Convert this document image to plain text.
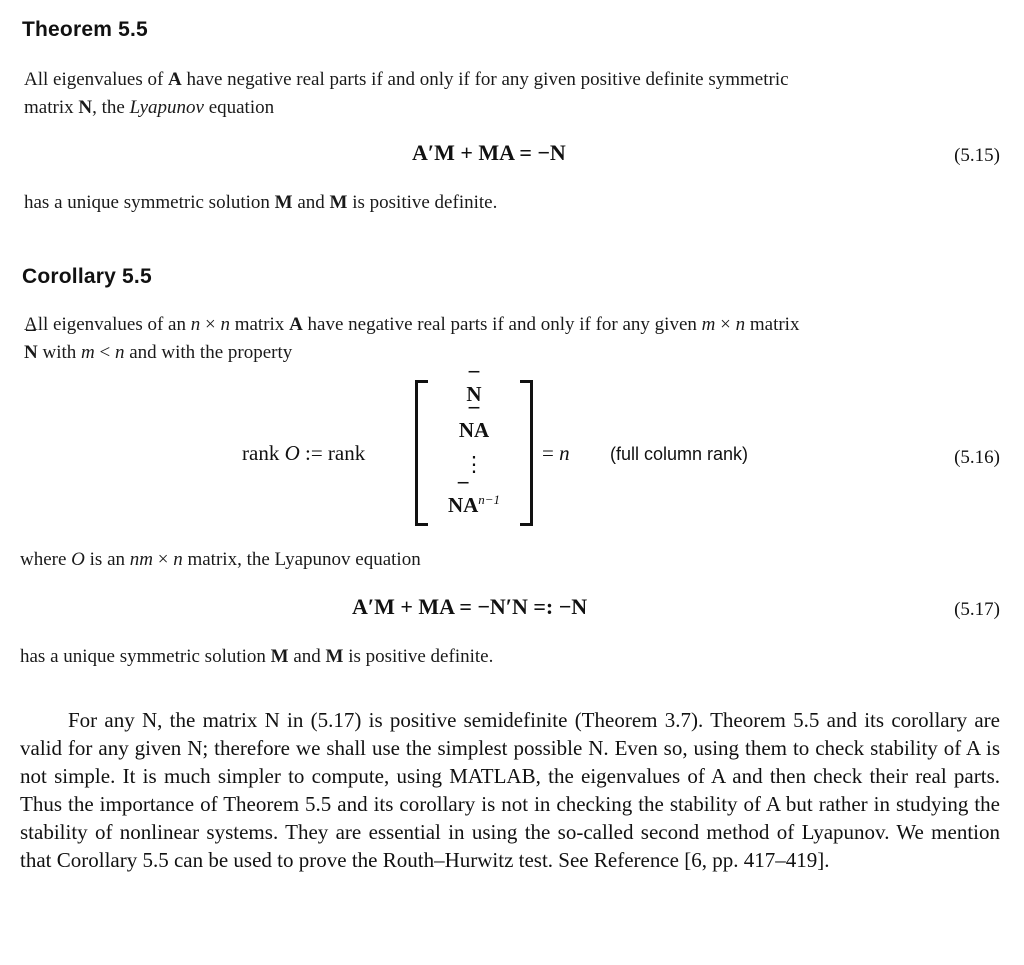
Theorem 5.5
All eigenvalues of A have negative real parts if and only if for any given positive definite symmetric
matrix N, the Lyapunov equation
A′M + MA = −N	(5.15)
has a unique symmetric solution M and M is positive definite.
Corollary 5.5
All eigenvalues of an n × n matrix A have negative real parts if and only if for any given m × n matrix
¯ N with m < n and with the property
rank O := rank
¯ N
¯ NA
⋮
¯ $NA^{n-1}$
= n (full column rank)	(5.16)
where O is an nm × n matrix, the Lyapunov equation
A′M + MA = −N′N =: −N	(5.17)
has a unique symmetric solution M and M is positive definite.
For any N, the matrix N in (5.17) is positive semidefinite (Theorem 3.7). Theorem 5.5 and its corollary are valid for any given N; therefore we shall use the simplest possible N. Even so, using them to check stability of A is not simple. It is much simpler to compute, using MATLAB, the eigenvalues of A and then check their real parts. Thus the importance of Theorem 5.5 and its corollary is not in checking the stability of A but rather in studying the stability of nonlinear systems. They are essential in using the so-called second method of Lyapunov. We mention that Corollary 5.5 can be used to prove the Routh–Hurwitz test. See Reference [6, pp. 417–419].
